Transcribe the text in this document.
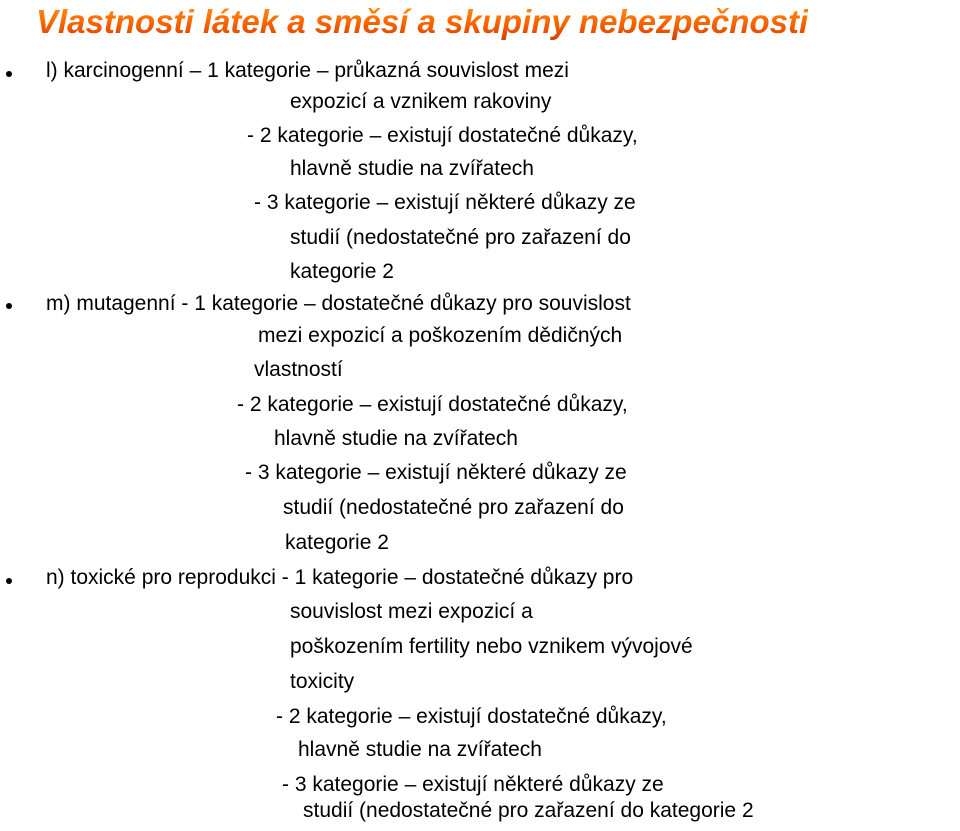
Vlastnosti látek a směsí a skupiny nebezpečnosti

l) karcinogenní – 1 kategorie – průkazná souvislost mezi

expozicí a vznikem rakoviny

- 2 kategorie – existují dostatečné důkazy,

hlavně studie na zvířatech

- 3 kategorie – existují některé důkazy ze

studií (nedostatečné pro zařazení do

kategorie 2

m) mutagenní - 1 kategorie – dostatečné důkazy pro souvislost

mezi expozicí a poškozením dědičných

vlastností

- 2 kategorie – existují dostatečné důkazy,

hlavně studie na zvířatech

- 3 kategorie – existují některé důkazy ze

studií (nedostatečné pro zařazení do

kategorie 2

n) toxické pro reprodukci - 1 kategorie – dostatečné důkazy pro

souvislost mezi expozicí a

poškozením fertility nebo vznikem vývojové

toxicity

- 2 kategorie – existují dostatečné důkazy,

hlavně studie na zvířatech

- 3 kategorie – existují některé důkazy ze

studií (nedostatečné pro zařazení do kategorie 2
